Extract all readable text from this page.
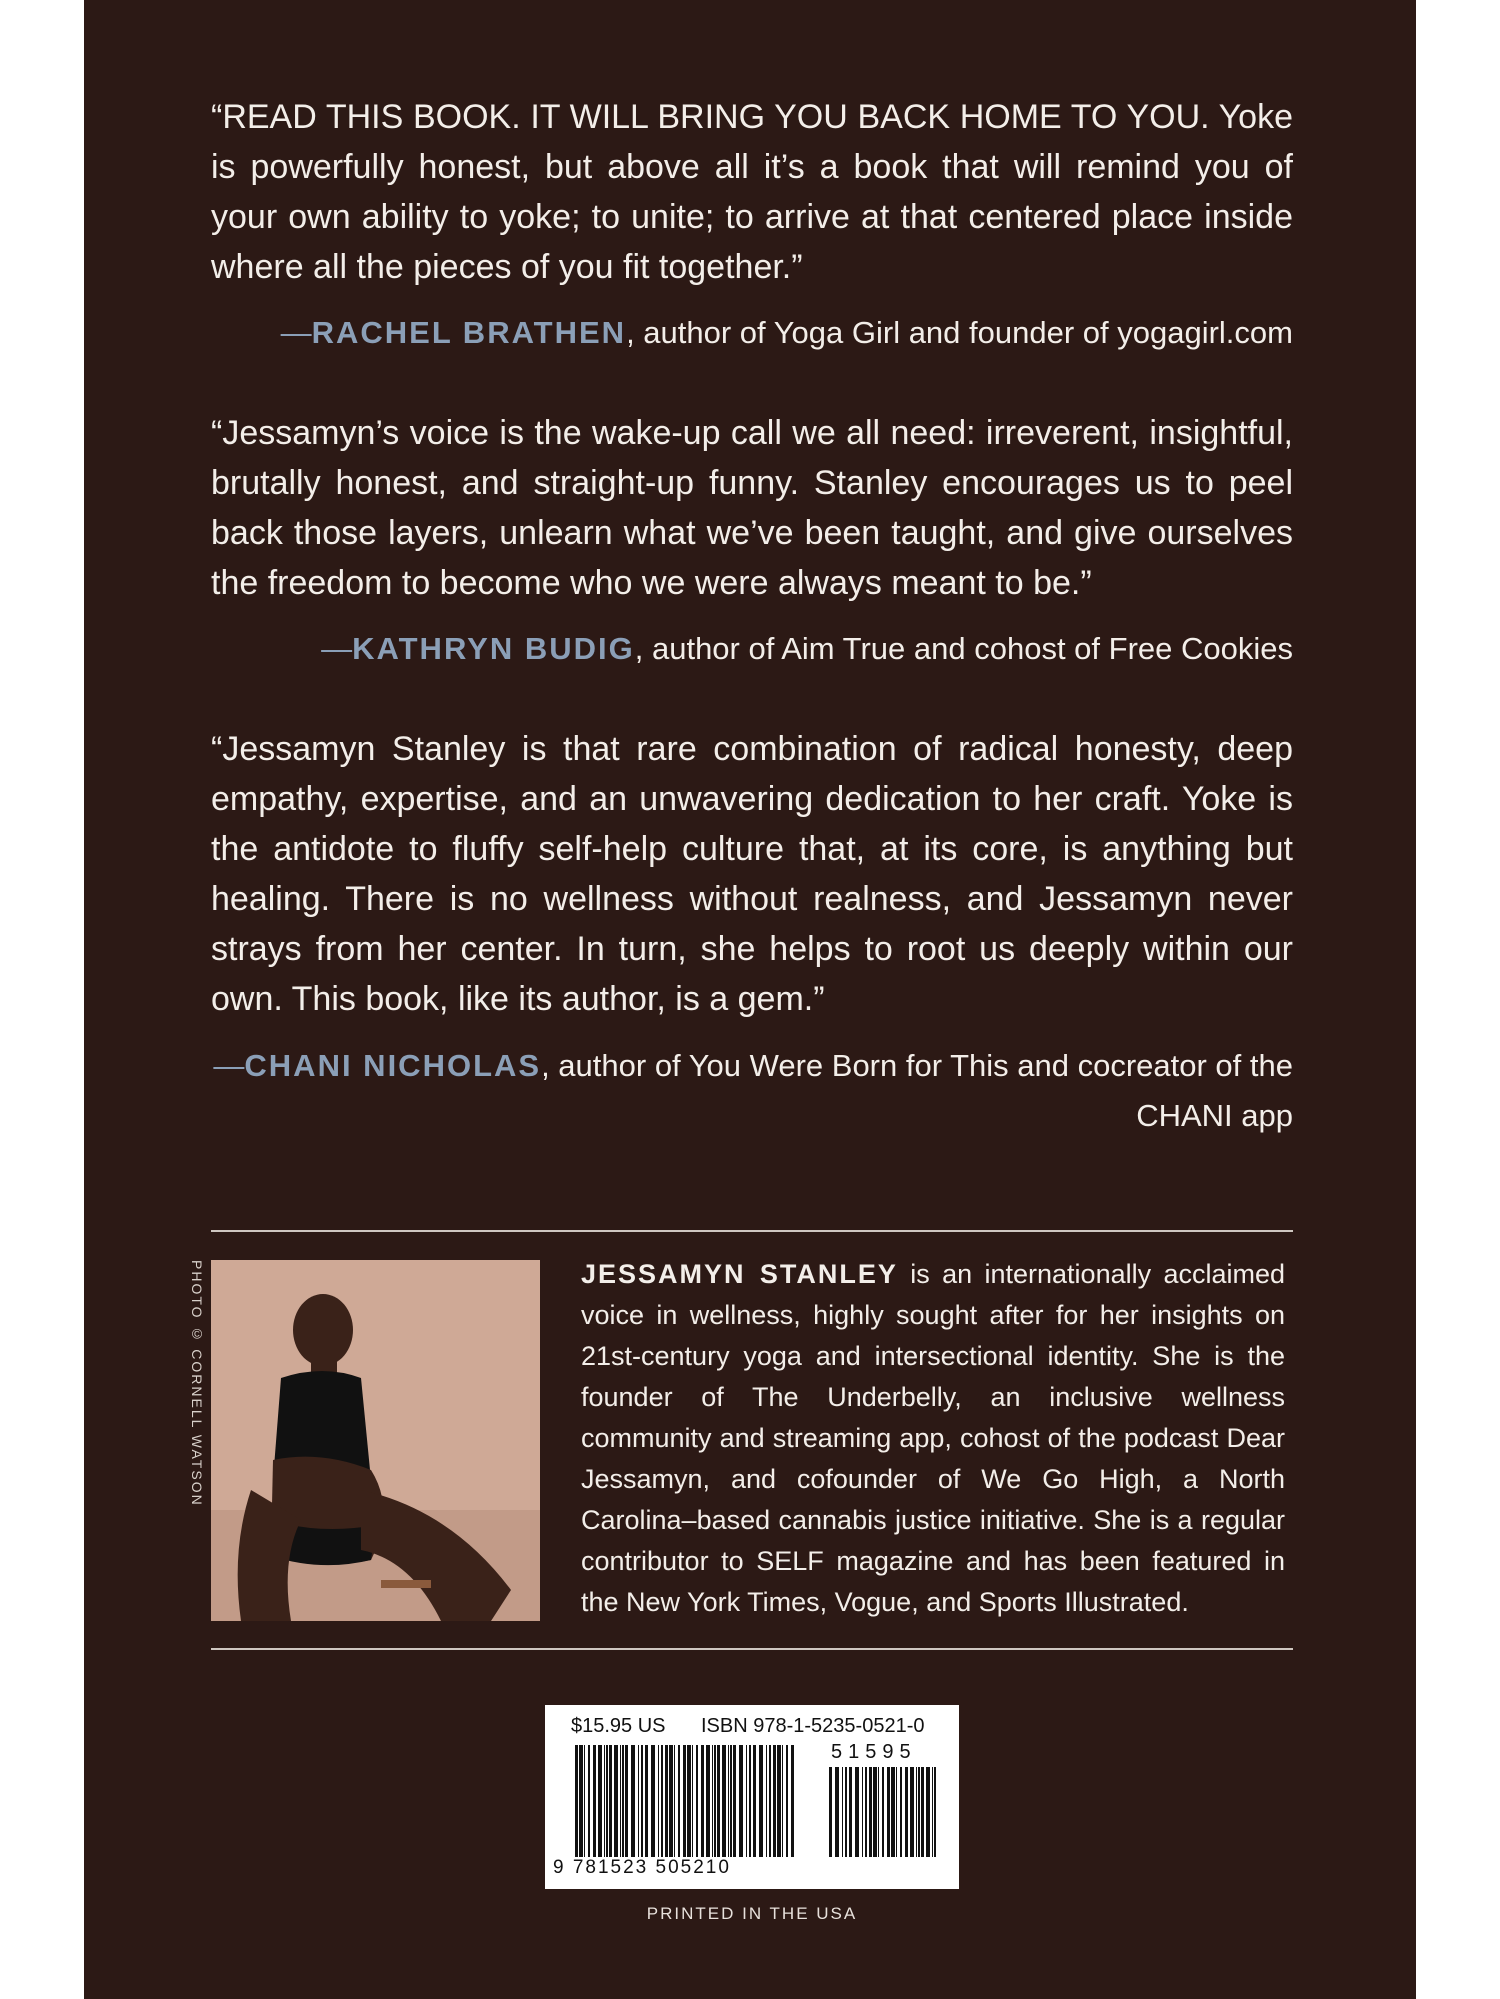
“READ THIS BOOK. IT WILL BRING YOU BACK HOME TO YOU. Yoke is powerfully honest, but above all it’s a book that will remind you of your own ability to yoke; to unite; to arrive at that centered place inside where all the pieces of you fit together.”

—RACHEL BRATHEN, author of Yoga Girl and founder of yogagirl.com

“Jessamyn’s voice is the wake-up call we all need: irreverent, insightful, brutally honest, and straight-up funny. Stanley encourages us to peel back those layers, unlearn what we’ve been taught, and give ourselves the freedom to become who we were always meant to be.”

—KATHRYN BUDIG, author of Aim True and cohost of Free Cookies

“Jessamyn Stanley is that rare combination of radical honesty, deep empathy, expertise, and an unwavering dedication to her craft. Yoke is the antidote to fluffy self-help culture that, at its core, is anything but healing. There is no wellness without realness, and Jessamyn never strays from her center. In turn, she helps to root us deeply within our own. This book, like its author, is a gem.”

—CHANI NICHOLAS, author of You Were Born for This and cocreator of the CHANI app

PHOTO © CORNELL WATSON	JESSAMYN STANLEY is an internationally acclaimed voice in wellness, highly sought after for her insights on 21st-century yoga and intersectional identity. She is the founder of The Underbelly, an inclusive wellness community and streaming app, cohost of the podcast Dear Jessamyn, and cofounder of We Go High, a North Carolina–based cannabis justice initiative. She is a regular contributor to SELF magazine and has been featured in the New York Times, Vogue, and Sports Illustrated.

$15.95 US ISBN 978-1-5235-0521-0
51595
9 781523 505210
PRINTED IN THE USA
